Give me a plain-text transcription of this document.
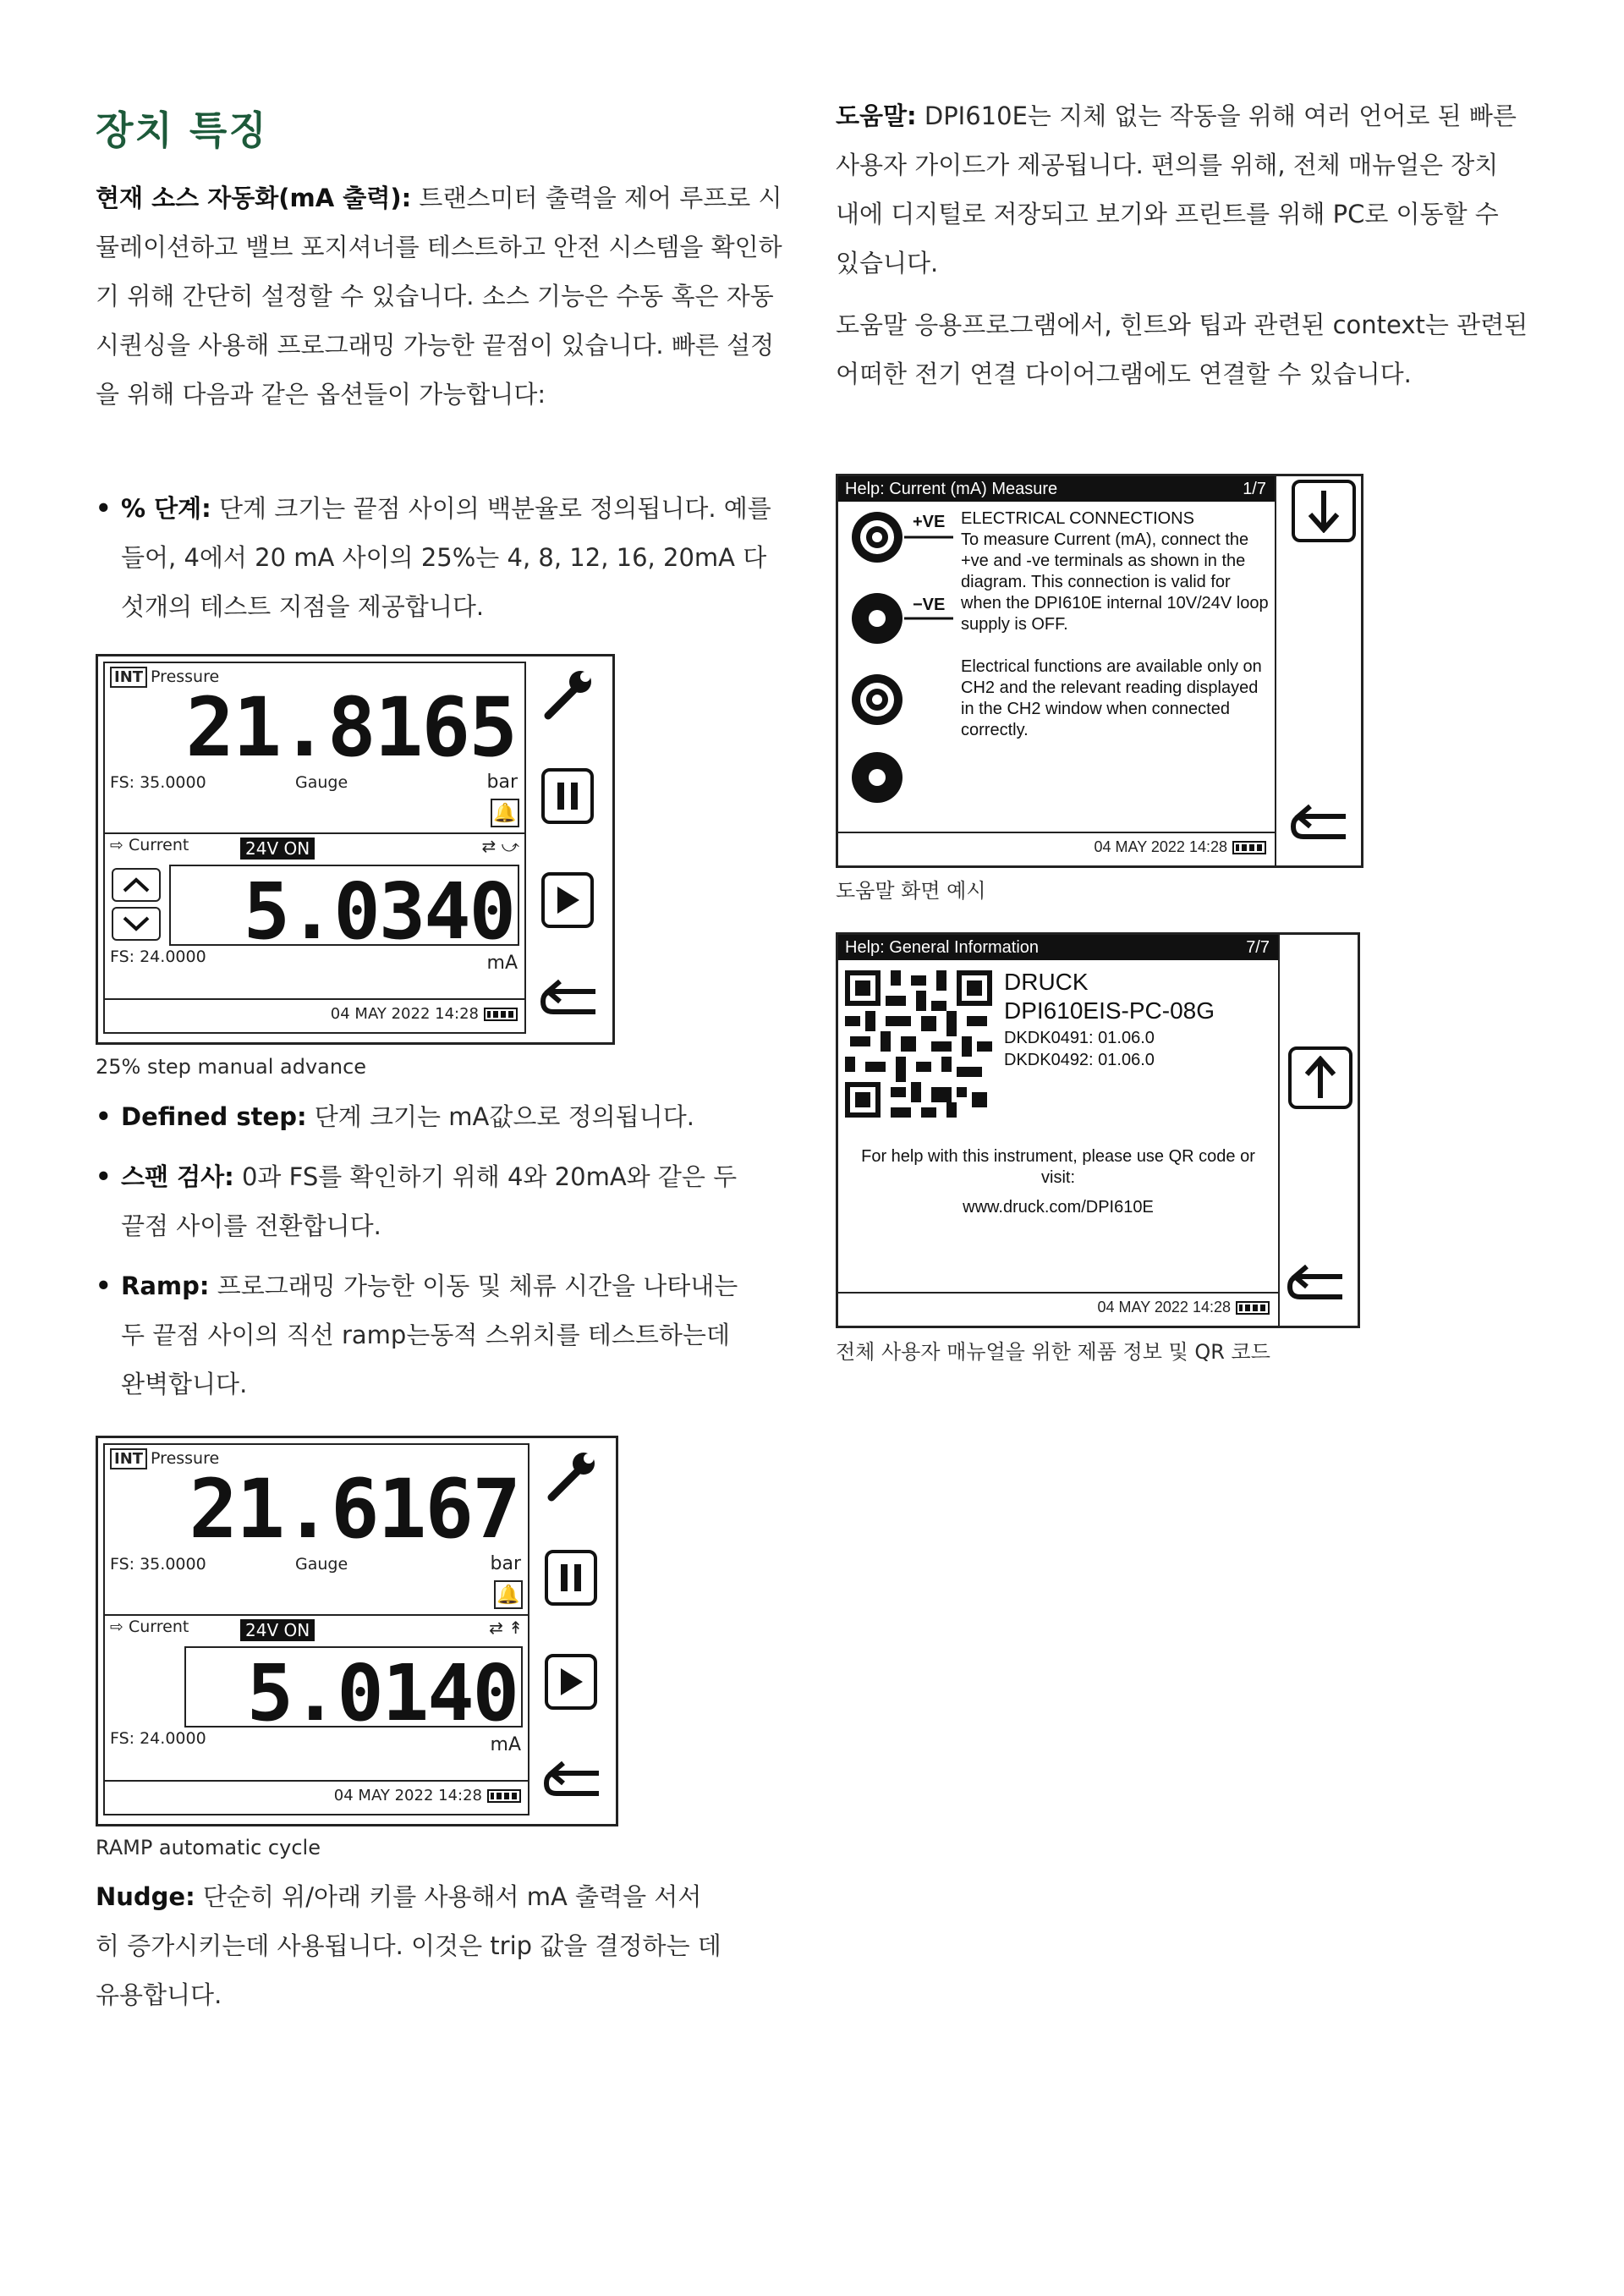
장치 특징

현재 소스 자동화(mA 출력): 트랜스미터 출력을 제어 루프로 시뮬레이션하고 밸브 포지셔너를 테스트하고 안전 시스템을 확인하기 위해 간단히 설정할 수 있습니다. 소스 기능은 수동 혹은 자동 시퀀싱을 사용해 프로그래밍 가능한 끝점이 있습니다. 빠른 설정을 위해 다음과 같은 옵션들이 가능합니다:

• % 단계: 단계 크기는 끝점 사이의 백분율로 정의됩니다. 예를 들어, 4에서 20 mA 사이의 25%는 4, 8, 12, 16, 20mA 다섯개의 테스트 지점을 제공합니다.
INT Pressure
21.8165
FS: 35.0000	Gauge	bar
🔔
⇨ Current	24V ON	⇄ ⤻
5.0340
FS: 24.0000	mA
04 MAY 2022 14:28
25% step manual advance
• Defined step: 단계 크기는 mA값으로 정의됩니다.
• 스팬 검사: 0과 FS를 확인하기 위해 4와 20mA와 같은 두 끝점 사이를 전환합니다.
• Ramp: 프로그래밍 가능한 이동 및 체류 시간을 나타내는 두 끝점 사이의 직선 ramp는동적 스위치를 테스트하는데 완벽합니다.
INT Pressure
21.6167
FS: 35.0000	Gauge	bar
🔔
⇨ Current	24V ON	⇄ ↟
5.0140
FS: 24.0000	mA
04 MAY 2022 14:28
RAMP automatic cycle

Nudge: 단순히 위/아래 키를 사용해서 mA 출력을 서서히 증가시키는데 사용됩니다. 이것은 trip 값을 결정하는 데 유용합니다.

도움말: DPI610E는 지체 없는 작동을 위해 여러 언어로 된 빠른 사용자 가이드가 제공됩니다. 편의를 위해, 전체 매뉴얼은 장치 내에 디지털로 저장되고 보기와 프린트를 위해 PC로 이동할 수 있습니다.

도움말 응용프로그램에서, 힌트와 팁과 관련된 context는 관련된 어떠한 전기 연결 다이어그램에도 연결할 수 있습니다.

Help: Current (mA) Measure	1/7
+VE
−VE
ELECTRICAL CONNECTIONS
To measure Current (mA), connect the +ve and -ve terminals as shown in the diagram. This connection is valid for when the DPI610E internal 10V/24V loop supply is OFF.
Electrical functions are available only on CH2 and the relevant reading displayed in the CH2 window when connected correctly.
04 MAY 2022 14:28
도움말 화면 예시
Help: General Information	7/7
DRUCK
DPI610EIS-PC-08G
DKDK0491: 01.06.0
DKDK0492: 01.06.0
For help with this instrument, please use QR code or visit:
www.druck.com/DPI610E
04 MAY 2022 14:28
전체 사용자 매뉴얼을 위한 제품 정보 및 QR 코드
